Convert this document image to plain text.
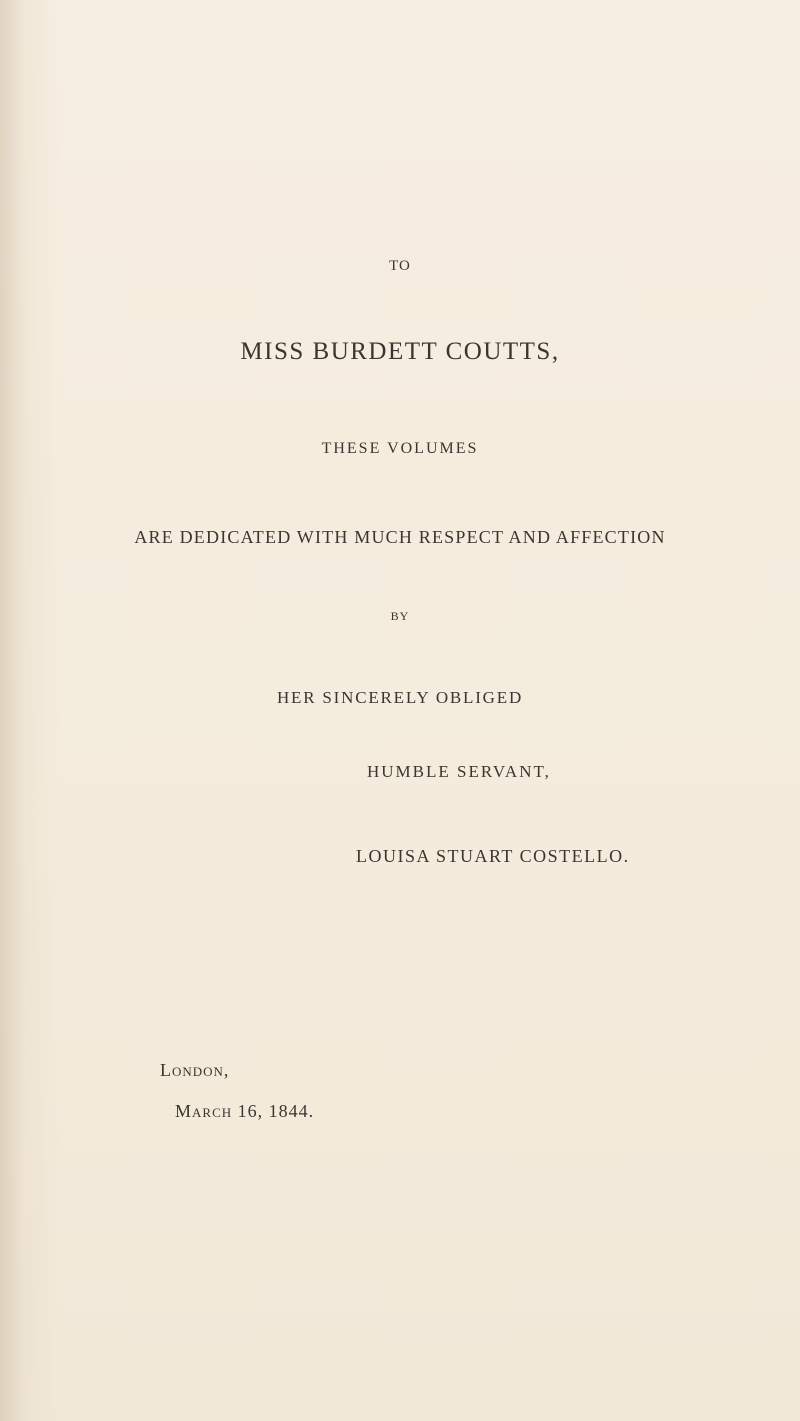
TO
MISS BURDETT COUTTS,
THESE VOLUMES
ARE DEDICATED WITH MUCH RESPECT AND AFFECTION
BY
HER SINCERELY OBLIGED
HUMBLE SERVANT,
LOUISA STUART COSTELLO.
London,
March 16, 1844.
